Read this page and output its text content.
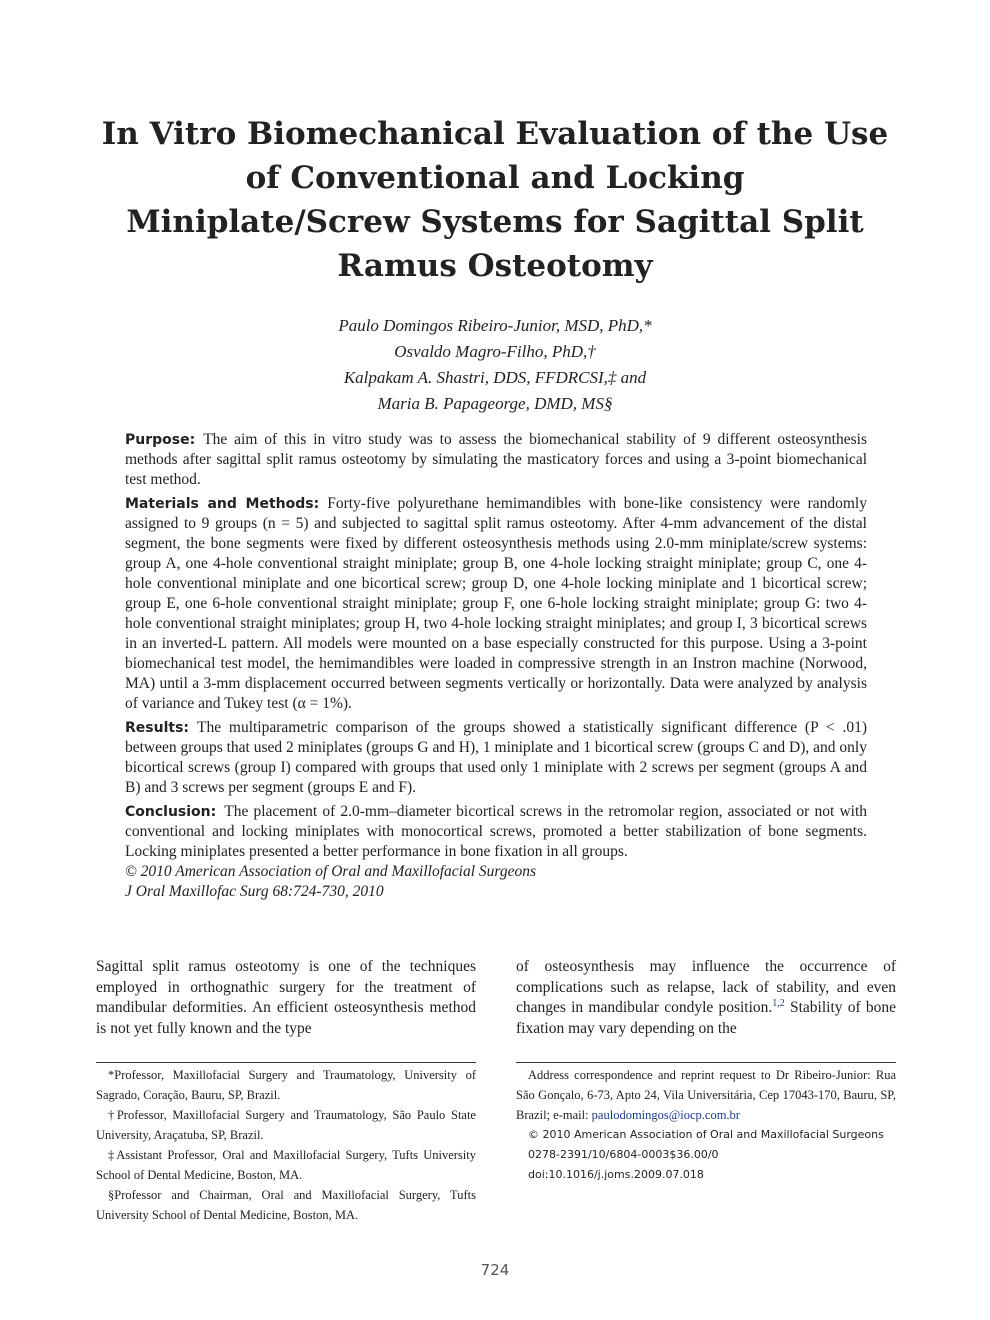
In Vitro Biomechanical Evaluation of the Use of Conventional and Locking Miniplate/Screw Systems for Sagittal Split Ramus Osteotomy
Paulo Domingos Ribeiro-Junior, MSD, PhD,*
Osvaldo Magro-Filho, PhD,†
Kalpakam A. Shastri, DDS, FFDRCSI,‡ and
Maria B. Papageorge, DMD, MS§

Purpose: The aim of this in vitro study was to assess the biomechanical stability of 9 different osteosynthesis methods after sagittal split ramus osteotomy by simulating the masticatory forces and using a 3-point biomechanical test method.

Materials and Methods: Forty-five polyurethane hemimandibles with bone-like consistency were randomly assigned to 9 groups (n = 5) and subjected to sagittal split ramus osteotomy. After 4-mm advancement of the distal segment, the bone segments were fixed by different osteosynthesis methods using 2.0-mm miniplate/screw systems: group A, one 4-hole conventional straight miniplate; group B, one 4-hole locking straight miniplate; group C, one 4-hole conventional miniplate and one bicortical screw; group D, one 4-hole locking miniplate and 1 bicortical screw; group E, one 6-hole conventional straight miniplate; group F, one 6-hole locking straight miniplate; group G: two 4-hole conventional straight miniplates; group H, two 4-hole locking straight miniplates; and group I, 3 bicortical screws in an inverted-L pattern. All models were mounted on a base especially constructed for this purpose. Using a 3-point biomechanical test model, the hemimandibles were loaded in compressive strength in an Instron machine (Norwood, MA) until a 3-mm displacement occurred between segments vertically or horizontally. Data were analyzed by analysis of variance and Tukey test (α = 1%).

Results: The multiparametric comparison of the groups showed a statistically significant difference (P < .01) between groups that used 2 miniplates (groups G and H), 1 miniplate and 1 bicortical screw (groups C and D), and only bicortical screws (group I) compared with groups that used only 1 miniplate with 2 screws per segment (groups A and B) and 3 screws per segment (groups E and F).

Conclusion: The placement of 2.0-mm–diameter bicortical screws in the retromolar region, associated or not with conventional and locking miniplates with monocortical screws, promoted a better stabilization of bone segments. Locking miniplates presented a better performance in bone fixation in all groups.

© 2010 American Association of Oral and Maxillofacial Surgeons

J Oral Maxillofac Surg 68:724-730, 2010

Sagittal split ramus osteotomy is one of the techniques employed in orthognathic surgery for the treatment of mandibular deformities. An efficient osteosynthesis method is not yet fully known and the type
of osteosynthesis may influence the occurrence of complications such as relapse, lack of stability, and even changes in mandibular condyle position.$^{1,2}$ Stability of bone fixation may vary depending on the

*Professor, Maxillofacial Surgery and Traumatology, University of Sagrado, Coração, Bauru, SP, Brazil.

†Professor, Maxillofacial Surgery and Traumatology, São Paulo State University, Araçatuba, SP, Brazil.

‡Assistant Professor, Oral and Maxillofacial Surgery, Tufts University School of Dental Medicine, Boston, MA.

§Professor and Chairman, Oral and Maxillofacial Surgery, Tufts University School of Dental Medicine, Boston, MA.

Address correspondence and reprint request to Dr Ribeiro-Junior: Rua São Gonçalo, 6-73, Apto 24, Vila Universitária, Cep 17043-170, Bauru, SP, Brazil; e-mail: paulodomingos@iocp.com.br

© 2010 American Association of Oral and Maxillofacial Surgeons

0278-2391/10/6804-0003$36.00/0

doi:10.1016/j.joms.2009.07.018

724
